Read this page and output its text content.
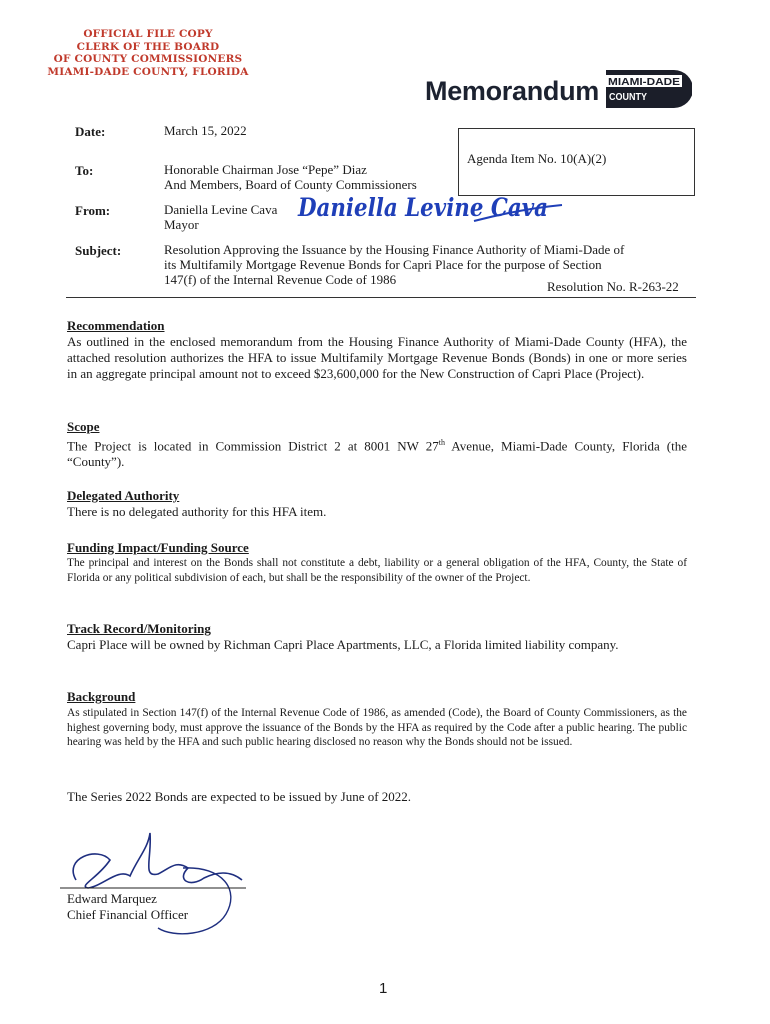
OFFICIAL FILE COPY
CLERK OF THE BOARD
OF COUNTY COMMISSIONERS
MIAMI-DADE COUNTY, FLORIDA
Memorandum MIAMI-DADE
COUNTY
Date:	March 15, 2022
To:	Honorable Chairman Jose “Pepe” Diaz
And Members, Board of County Commissioners
From:	Daniella Levine Cava
Mayor
Subject:	Resolution Approving the Issuance by the Housing Finance Authority of Miami-Dade of
its Multifamily Mortgage Revenue Bonds for Capri Place for the purpose of Section
147(f) of the Internal Revenue Code of 1986
Agenda Item No. 10(A)(2)
Daniella Levine Cava
Resolution No. R-263-22
Recommendation
As outlined in the enclosed memorandum from the Housing Finance Authority of Miami-Dade County (HFA), the attached resolution authorizes the HFA to issue Multifamily Mortgage Revenue Bonds (Bonds) in one or more series in an aggregate principal amount not to exceed $23,600,000 for the New Construction of Capri Place (Project).
Scope
The Project is located in Commission District 2 at 8001 NW 27th Avenue, Miami-Dade County, Florida (the “County”).
Delegated Authority
There is no delegated authority for this HFA item.
Funding Impact/Funding Source
The principal and interest on the Bonds shall not constitute a debt, liability or a general obligation of the HFA, County, the State of Florida or any political subdivision of each, but shall be the responsibility of the owner of the Project.
Track Record/Monitoring
Capri Place will be owned by Richman Capri Place Apartments, LLC, a Florida limited liability company.
Background
As stipulated in Section 147(f) of the Internal Revenue Code of 1986, as amended (Code), the Board of County Commissioners, as the highest governing body, must approve the issuance of the Bonds by the HFA as required by the Code after a public hearing. The public hearing was held by the HFA and such public hearing disclosed no reason why the Bonds should not be issued.
The Series 2022 Bonds are expected to be issued by June of 2022.
Edward Marquez
Chief Financial Officer
1
